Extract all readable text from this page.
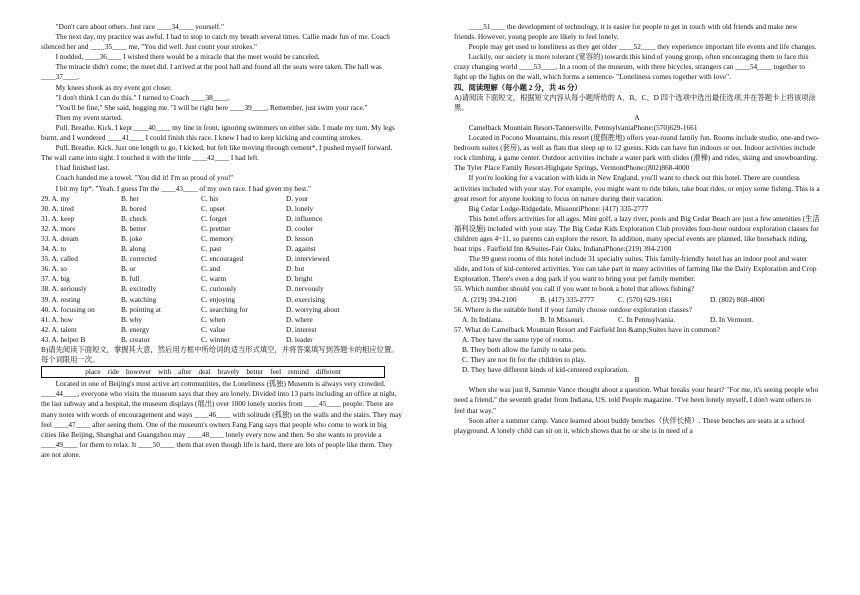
"Don't care about others. Just race ____34____ yourself."

The next day, my practice was awful. I had to stop to catch my breath several times. Callie made fun of me. Coach silenced her and ____35____ me, "You did well. Just count your strokes."

I nodded, ____36____ I wished there would be a miracle that the meet would be canceled.

The miracle didn't come; the meet did. I arrived at the pool hall and found all the seats were taken. The hall was ____37____.

My knees shook as my event got closer.

"I don't think I can do this." I turned to Coach ____38____.

"You'll be fine," She said, hugging me. "I will be right here ____39____. Remember, just swim your race."

Then my event started.

Pull. Breathe. Kick. I kept ____40____ my line in front, ignoring swimmers on either side. I made my turn. My legs burnt, and I wondered ____41____ I could finish this race. I knew I had to keep kicking and counting strokes.

Pull. Breathe. Kick. Just one length to go. I kicked, but felt like moving through cement*, I pushed myself forward. The wall came into sight. I touched it with the little ____42____ I had left.

I had finished last.

Coach handed me a towel. "You did it! I'm so proud of you!"

I bit my lip*. "Yeah. I guess I'm the ____43____ of my own race. I had given my best."

29. A. my	B. her	C. his	D. your
30. A. tired	B. bored	C. upset	D. lonely
31. A. keep	B. check	C. forget	D. influence
32. A. more	B. better	C. prettier	D. cooler
33. A. dream	B. joke	C. memory	D. lesson
34. A. to	B. along	C. past	D. against
35. A. called	B. corrected	C. encouraged	D. interviewed
36. A. so	B. or	C. and	D. but
37. A. big	B. full	C. warm	D. bright
38. A. seriously	B. excitedly	C. curiously	D. nervously
39. A. resting	B. watching	C. enjoying	D. exercising
40. A. focusing on	B. pointing at	C. searching for	D. worrying about
41. A. how	B. why	C. when	D. where
42. A. talent	B. energy	C. value	D. interest
43. A. helper B	B. creator	C. winner	D. leader

B)请先阅读下面短文，掌握其大意，然后用方框中所给词的适当形式填空，并将答案填写到答题卡的相应位置。每个词限用一次。

place ride however with after deal bravely better feel remind different

Located in one of Beijing's most active art communities, the Loneliness (孤独) Museum is always very crowded. ____44____, everyone who visits the museum says that they are lonely. Divided into 13 parts including an office at night, the last subway and a hospital, the museum displays (展出) over 1000 lonely stories from ____45____ people. There are many notes with words of encouragement and ways ____46____ with solitude (孤独) on the walls and the stairs. They may feel ____47____ after seeing them. One of the museum's owners Fang Fang says that people who come to work in big cities like Beijing, Shanghai and Guangzhou may ____48____ lonely every now and then. So she wants to provide a ____49____ for them to relax. It ____50____ them that even though life is hard, there are lots of people like them. They are not alone.

____51____ the development of technology, it is easier for people to get in touch with old friends and make new friends. However, young people are likely to feel lonely.

People may get used to loneliness as they get older ____52____ they experience important life events and life changes.

Luckily, our society is more tolerant (宽容的) towards this kind of young group, often encouraging them to face this crazy changing world ____53____. In a room of the museum, with three bicycles, strangers can ____54____ together to light up the lights on the wall, which forms a sentence- "Loneliness comes together with love".

四、阅读理解（每小题 2 分，共 46 分）

A)请阅读下面短文，根据短文内容从每小题所给的 A、B、C、D 四个选项中选出最佳选项,并在答题卡上将该项涂黑。

A

Camelback Mountain Resort-Tannersville, PennsylvaniaPhone:(570)629-1661

Located in Pocono Mountains, this resort (度假胜地) offers year-round family fun. Rooms include studio, one-and two-bedroom suites (套房), as well as flats that sleep up to 12 guests. Kids can have fun indoors or out. Indoor activities include rock climbing, a game center. Outdoor activities include a water park with slides (滑梯) and rides, skiing and snowboarding. The Tyler Place Family Resort-Highgate Springs, VermontPhone:(802)868-4000

If you're looking for a vacation with kids in New England, you'll want to check out this hotel. There are countless activities included with your stay. For example, you might want to ride bikes, take boat rides, or enjoy some fishing. This is a great resort for anyone looking to focus on nature during their vacation.

Big Cedar Lodge-Ridgedale, MissouriPhone: (417) 335-2777

This hotel offers activities for all ages. Mini golf, a lazy river, pools and Big Cedar Beach are just a few amenities (生活福利设施) included with your stay. The Big Cedar Kids Exploration Club provides four-hour outdoor exploration classes for children ages 4~11, so parents can explore the resort. In addition, many special events are planned, like horseback riding, boat trips . Fairfield Inn &Suites-Fair Oaks, IndianaPhone:(219) 394-2100

The 99 guest rooms of this hotel include 31 specialty suites. This family-friendly hotel has an indoor pool and water slide, and lots of kid-centered activities. You can take part in many activities of farming like the Dairy Exploration and Crop Exploration. There's even a dog park if you want to bring your pet family member.

55. Which number should you call if you want to book a hotel that allows fishing?

A. (219) 394-2100	B. (417) 335-2777	C. (570) 629-1661	D. (802) 868-4000

56. Where is the suitable hotel if your family choose outdoor exploration classes?

A. In Indiana.	B. In Missouri.	C. In Pennsylvania.	D. In Vermont.

57. What do Camelback Mountain Resort and Fairfield Inn &amp;Suites have in common?

A. They have the same type of rooms.

B. They both allow the family to take pets.

C. They are not fit for the children to play.

D. They have different kinds of kid-centered exploration.

B

When she was just 8, Sammie Vance thought about a question. What breaks your heart? "For me, it's seeing people who need a friend," the seventh grader from Indiana, US. told People magazine. "I've been lonely myself, I don't want others to feel that way."

Soon after a summer camp. Vance learned about buddy benches（伙伴长椅）. These benches are seats at a school playground. A lonely child can sit on it, which shows that he or she is in need of a
